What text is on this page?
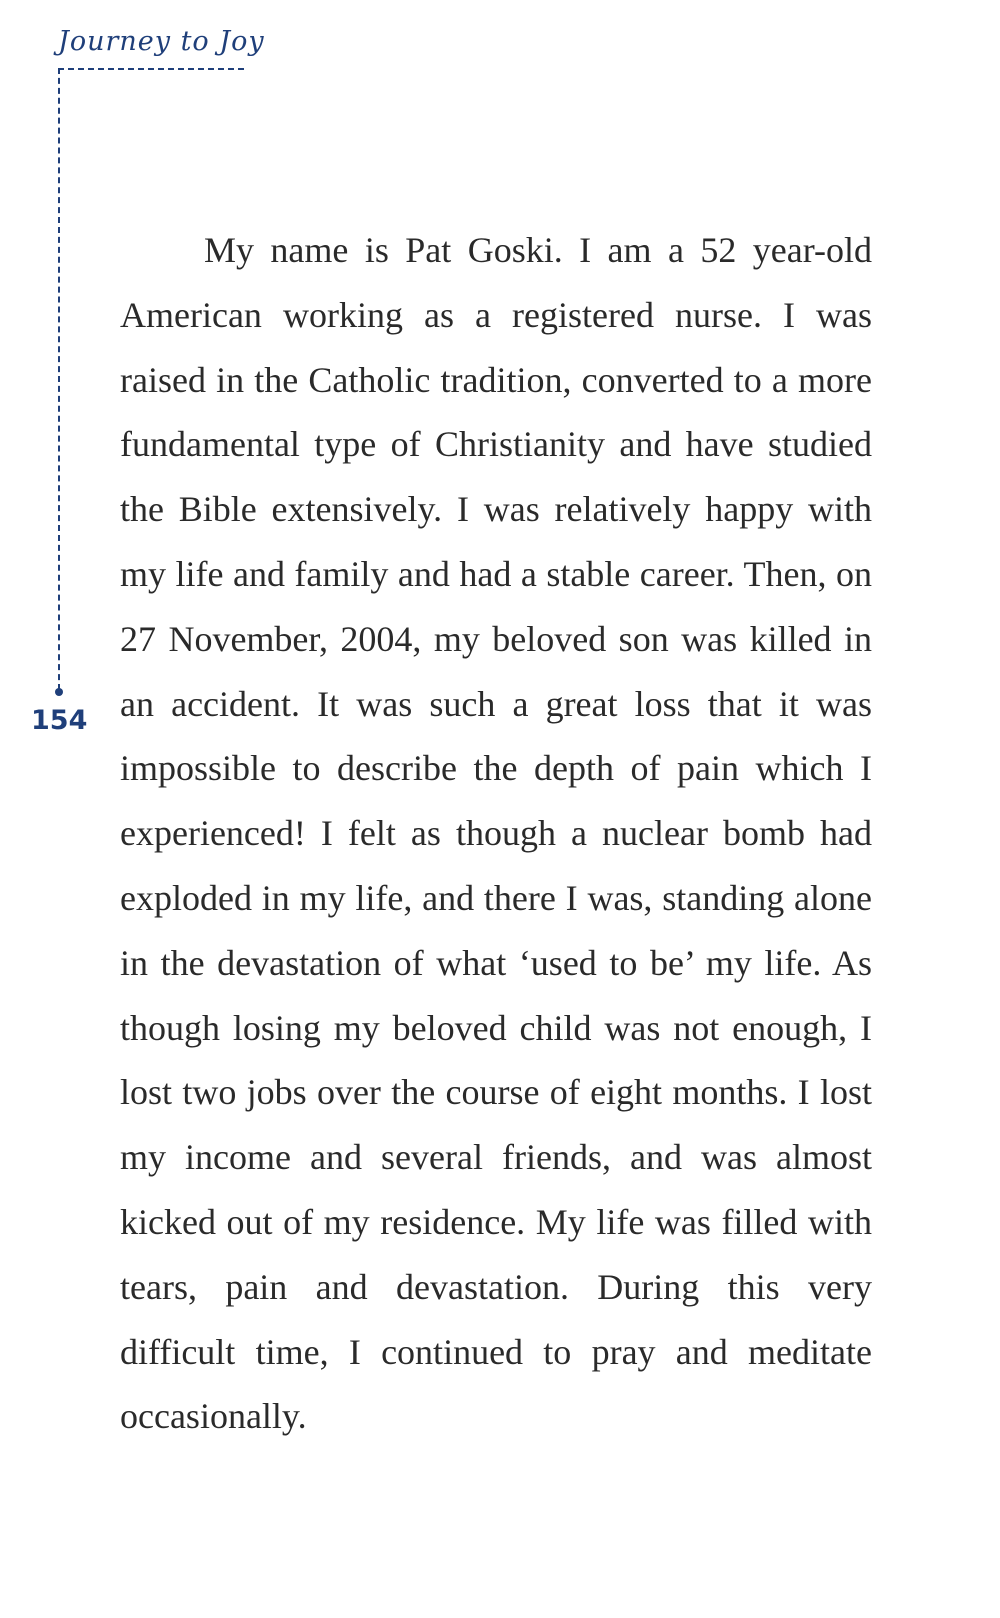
Journey to Joy
154

My name is Pat Goski. I am a 52 year-old American working as a registered nurse. I was raised in the Catholic tradition, converted to a more fundamental type of Christianity and have studied the Bible extensively. I was relatively happy with my life and family and had a stable career. Then, on 27 November, 2004, my beloved son was killed in an accident. It was such a great loss that it was impossible to describe the depth of pain which I experienced! I felt as though a nuclear bomb had exploded in my life, and there I was, standing alone in the devastation of what ‘used to be’ my life. As though losing my beloved child was not enough, I lost two jobs over the course of eight months. I lost my income and several friends, and was almost kicked out of my residence. My life was filled with tears, pain and devastation. During this very difficult time, I continued to pray and meditate occasionally.
